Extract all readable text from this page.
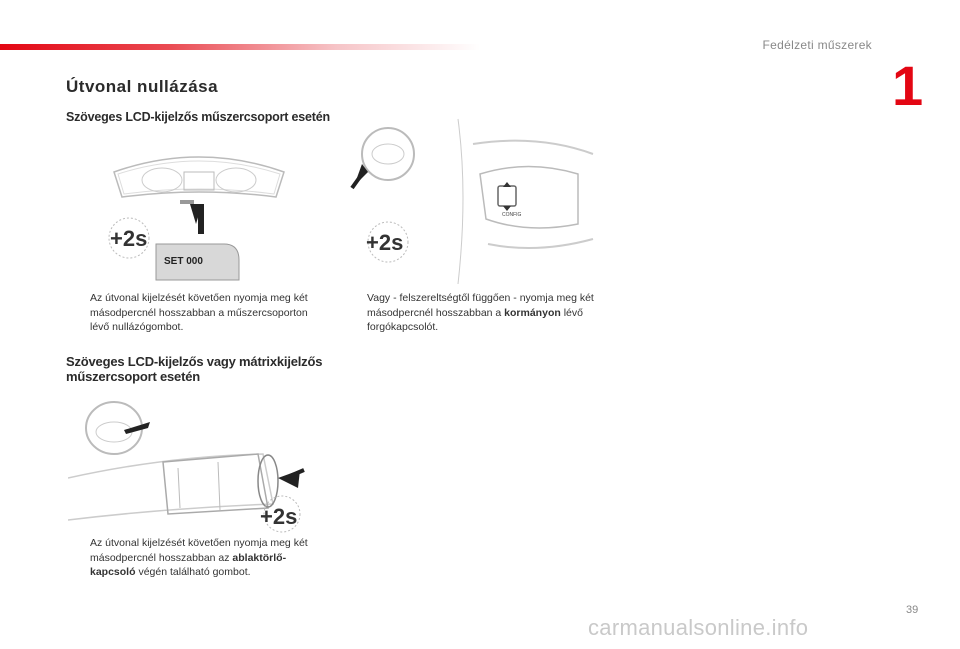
Fedélzeti műszerek
1
Útvonal nullázása
Szöveges LCD-kijelzős műszercsoport esetén
+2s
SET 000
CONFIG
+2s
Az útvonal kijelzését követően nyomja meg két másodpercnél hosszabban a műszercsoporton lévő nullázógombot.
Vagy - felszereltségtől függően - nyomja meg két másodpercnél hosszabban a kormányon lévő forgókapcsolót.
Szöveges LCD-kijelzős vagy mátrixkijelzős műszercsoport esetén
+2s
Az útvonal kijelzését követően nyomja meg két másodpercnél hosszabban az ablaktörlő-kapcsoló végén található gombot.
39
carmanualsonline.info
